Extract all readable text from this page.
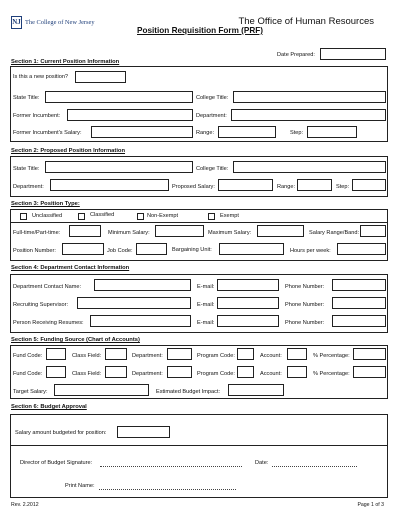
NJ The College of New Jersey	The Office of Human Resources
Position Requisition Form (PRF)
Date Prepared:
Section 1: Current Position Information
Is this a new position?
State Title:	College Title:
Former Incumbent:	Department:
Former Incumbent's Salary:	Range:	Step:
Section 2: Proposed Position Information
State Title:	College Title:
Department:	Proposed Salary:	Range:	Step:
Section 3: Position Type:
Unclassified	Classified	Non-Exempt	Exempt
Full-time/Part-time:	Minimum Salary:	Maximum Salary:	Salary Range/Band:
Position Number:	Job Code:	Bargaining Unit:	Hours per week:
Section 4: Department Contact Information
Department Contact Name:	E-mail:	Phone Number:
Recruiting Supervisor:	E-mail:	Phone Number:
Person Receiving Resumes:	E-mail:	Phone Number:
Section 5: Funding Source (Chart of Accounts)
Fund Code:	Class Field:	Department:	Program Code:	Account:	% Percentage:
Fund Code:	Class Field:	Department:	Program Code:	Account:	% Percentage:
Target Salary:	Estimated Budget Impact:
Section 6: Budget Approval
Salary amount budgeted for position:
Director of Budget Signature:	Date:
Print Name:
Rev. 2.2012	Page 1 of 3
